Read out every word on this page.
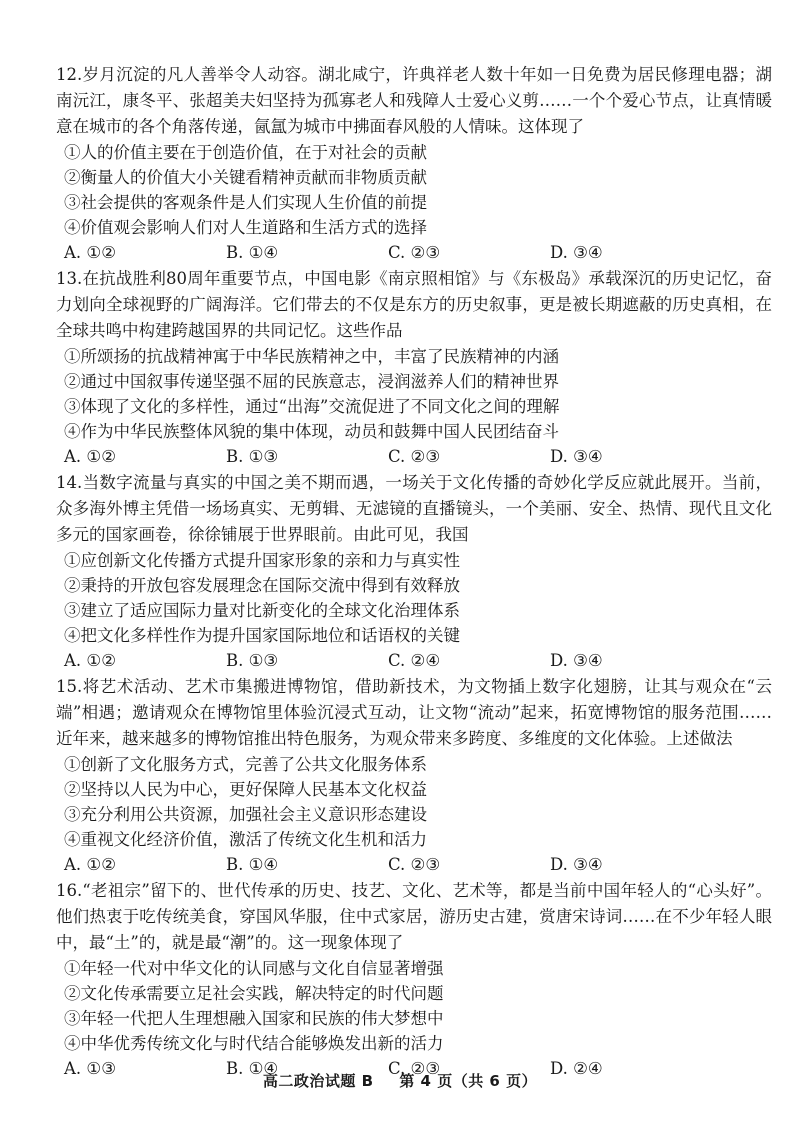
12.岁月沉淀的凡人善举令人动容。湖北咸宁，许典祥老人数十年如一日免费为居民修理电器；湖南沅江，康冬平、张超美夫妇坚持为孤寡老人和残障人士爱心义剪……一个个爱心节点，让真情暖意在城市的各个角落传递，氤氲为城市中拂面春风般的人情味。这体现了
①人的价值主要在于创造价值，在于对社会的贡献
②衡量人的价值大小关键看精神贡献而非物质贡献
③社会提供的客观条件是人们实现人生价值的前提
④价值观会影响人们对人生道路和生活方式的选择
A. ①②	B. ①④	C. ②③	D. ③④
13.在抗战胜利80周年重要节点，中国电影《南京照相馆》与《东极岛》承载深沉的历史记忆，奋力划向全球视野的广阔海洋。它们带去的不仅是东方的历史叙事，更是被长期遮蔽的历史真相，在全球共鸣中构建跨越国界的共同记忆。这些作品
①所颂扬的抗战精神寓于中华民族精神之中，丰富了民族精神的内涵
②通过中国叙事传递坚强不屈的民族意志，浸润滋养人们的精神世界
③体现了文化的多样性，通过“出海”交流促进了不同文化之间的理解
④作为中华民族整体风貌的集中体现，动员和鼓舞中国人民团结奋斗
A. ①②	B. ①③	C. ②③	D. ③④
14.当数字流量与真实的中国之美不期而遇，一场关于文化传播的奇妙化学反应就此展开。当前，众多海外博主凭借一场场真实、无剪辑、无滤镜的直播镜头，一个美丽、安全、热情、现代且文化多元的国家画卷，徐徐铺展于世界眼前。由此可见，我国
①应创新文化传播方式提升国家形象的亲和力与真实性
②秉持的开放包容发展理念在国际交流中得到有效释放
③建立了适应国际力量对比新变化的全球文化治理体系
④把文化多样性作为提升国家国际地位和话语权的关键
A. ①②	B. ①③	C. ②④	D. ③④
15.将艺术活动、艺术市集搬进博物馆，借助新技术，为文物插上数字化翅膀，让其与观众在“云端”相遇；邀请观众在博物馆里体验沉浸式互动，让文物“流动”起来，拓宽博物馆的服务范围……近年来，越来越多的博物馆推出特色服务，为观众带来多跨度、多维度的文化体验。上述做法
①创新了文化服务方式，完善了公共文化服务体系
②坚持以人民为中心，更好保障人民基本文化权益
③充分利用公共资源，加强社会主义意识形态建设
④重视文化经济价值，激活了传统文化生机和活力
A. ①②	B. ①④	C. ②③	D. ③④
16.“老祖宗”留下的、世代传承的历史、技艺、文化、艺术等，都是当前中国年轻人的“心头好”。他们热衷于吃传统美食，穿国风华服，住中式家居，游历史古建，赏唐宋诗词……在不少年轻人眼中，最“土”的，就是最“潮”的。这一现象体现了
①年轻一代对中华文化的认同感与文化自信显著增强
②文化传承需要立足社会实践，解决特定的时代问题
③年轻一代把人生理想融入国家和民族的伟大梦想中
④中华优秀传统文化与时代结合能够焕发出新的活力
A. ①③	B. ①④	C. ②③	D. ②④
高二政治试题 B 第 4 页（共 6 页）
